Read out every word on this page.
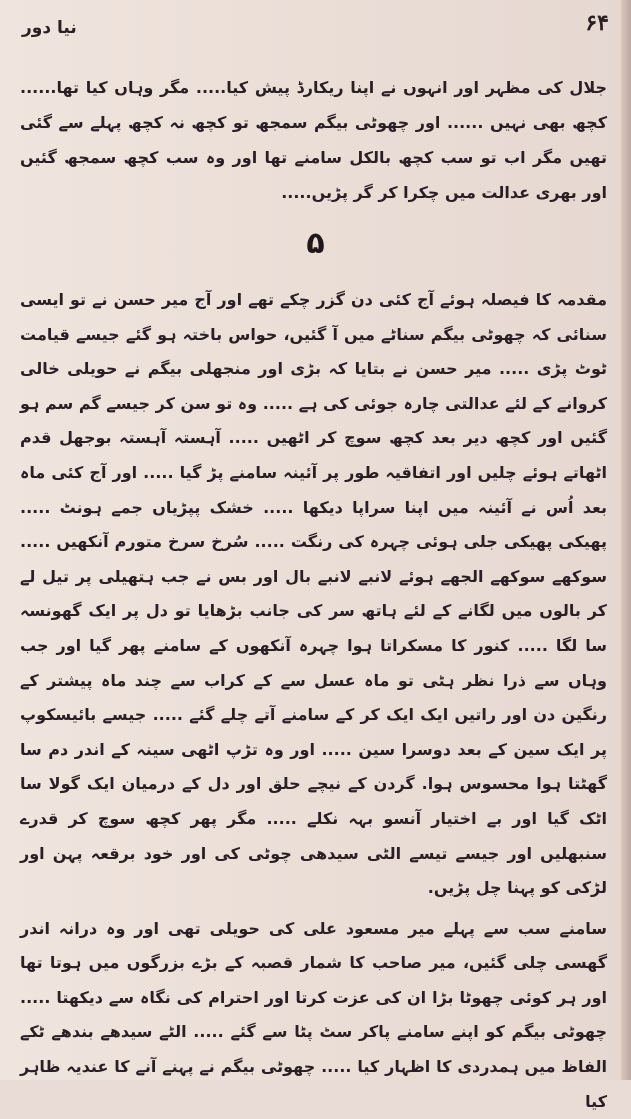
۶۴
نیا دور

جلال کی مظہر اور انہوں نے اپنا ریکارڈ پیش کیا..... مگر وہاں کیا تھا...... کچھ بھی نہیں ...... اور چھوٹی بیگم سمجھ تو کچھ نہ کچھ پہلے سے گئی تھیں مگر اب تو سب کچھ بالکل سامنے تھا اور وہ سب کچھ سمجھ گئیں اور بھری عدالت میں چکرا کر گر پڑیں.....

۵

مقدمہ کا فیصلہ ہوئے آج کئی دن گزر چکے تھے اور آج میر حسن نے تو ایسی سنائی کہ چھوٹی بیگم سناٹے میں آ گئیں، حواس باختہ ہو گئے جیسے قیامت ٹوٹ پڑی ..... میر حسن نے بتایا کہ بڑی اور منجھلی بیگم نے حویلی خالی کروانے کے لئے عدالتی چارہ جوئی کی ہے ..... وہ تو سن کر جیسے گم سم ہو گئیں اور کچھ دیر بعد کچھ سوچ کر اٹھیں ..... آہستہ آہستہ بوجھل قدم اٹھاتے ہوئے چلیں اور اتفاقیہ طور پر آئینہ سامنے پڑ گیا ..... اور آج کئی ماہ بعد اُس نے آئینہ میں اپنا سراپا دیکھا ..... خشک پپڑیاں جمے ہونٹ ..... پھیکی پھیکی جلی ہوئی چہرہ کی رنگت ..... سُرخ سرخ متورم آنکھیں ..... سوکھے سوکھے الجھے ہوئے لانبے لانبے بال اور بس نے جب ہتھیلی پر تیل لے کر بالوں میں لگانے کے لئے ہاتھ سر کی جانب بڑھایا تو دل پر ایک گھونسہ سا لگا ..... کنور کا مسکراتا ہوا چہرہ آنکھوں کے سامنے پھر گیا اور جب وہاں سے ذرا نظر ہٹی تو ماہ عسل سے کے کراب سے چند ماہ پیشتر کے رنگین دن اور راتیں ایک ایک کر کے سامنے آتے چلے گئے ..... جیسے بائیسکوپ پر ایک سین کے بعد دوسرا سین ..... اور وہ تڑپ اٹھی سینہ کے اندر دم سا گھٹتا ہوا محسوس ہوا. گردن کے نیچے حلق اور دل کے درمیان ایک گولا سا اٹک گیا اور بے اختیار آنسو بہہ نکلے ..... مگر پھر کچھ سوچ کر قدرے سنبھلیں اور جیسے تیسے الٹی سیدھی چوٹی کی اور خود برقعہ پہن اور لڑکی کو پہنا چل پڑیں.

سامنے سب سے پہلے میر مسعود علی کی حویلی تھی اور وہ درانہ اندر گھسی چلی گئیں، میر صاحب کا شمار قصبہ کے بڑے بزرگوں میں ہوتا تھا اور ہر کوئی چھوٹا بڑا ان کی عزت کرتا اور احترام کی نگاہ سے دیکھتا ..... چھوٹی بیگم کو اپنے سامنے پاکر سٹ پٹا سے گئے ..... الٹے سیدھے بندھے ٹکے الفاظ میں ہمدردی کا اظہار کیا ..... چھوٹی بیگم نے پہنے آنے کا عندیہ ظاہر کیا
